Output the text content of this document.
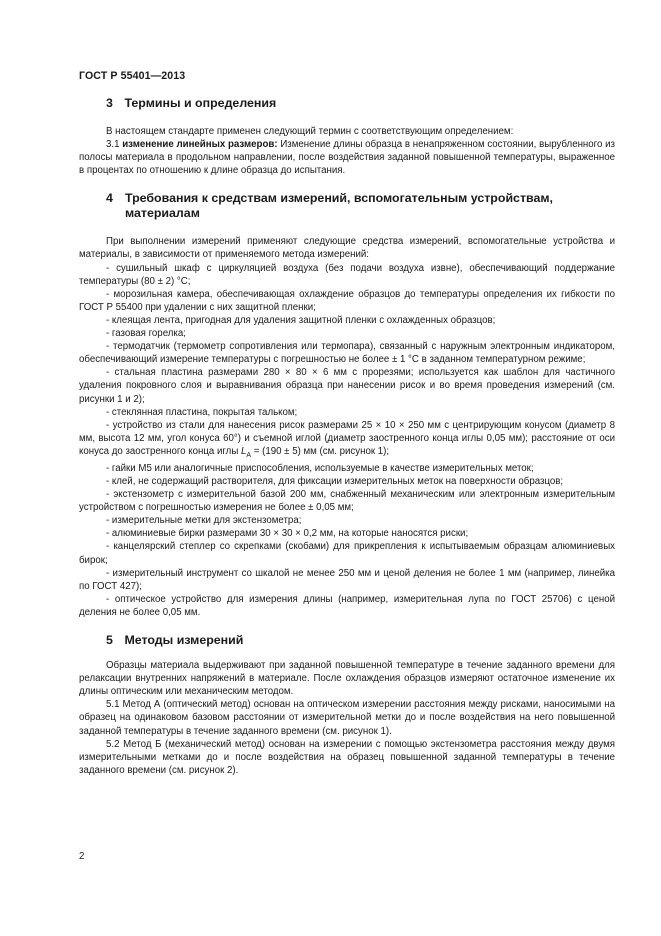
ГОСТ Р 55401—2013
3 Термины и определения

В настоящем стандарте применен следующий термин с соответствующим определением:

3.1 изменение линейных размеров: Изменение длины образца в ненапряженном состоянии, вырубленного из полосы материала в продольном направлении, после воздействия заданной повышенной температуры, выраженное в процентах по отношению к длине образца до испытания.

4 Требования к средствам измерений, вспомогательным устройствам, материалам

При выполнении измерений применяют следующие средства измерений, вспомогательные устройства и материалы, в зависимости от применяемого метода измерений:

- сушильный шкаф с циркуляцией воздуха (без подачи воздуха извне), обеспечивающий поддержание температуры (80 ± 2) °С;

- морозильная камера, обеспечивающая охлаждение образцов до температуры определения их гибкости по ГОСТ Р 55400 при удалении с них защитной пленки;

- клеящая лента, пригодная для удаления защитной пленки с охлажденных образцов;

- газовая горелка;

- термодатчик (термометр сопротивления или термопара), связанный с наружным электронным индикатором, обеспечивающий измерение температуры с погрешностью не более ± 1 °С в заданном температурном режиме;

- стальная пластина размерами 280 × 80 × 6 мм с прорезями; используется как шаблон для частичного удаления покровного слоя и выравнивания образца при нанесении рисок и во время проведения измерений (см. рисунки 1 и 2);

- стеклянная пластина, покрытая тальком;

- устройство из стали для нанесения рисок размерами 25 × 10 × 250 мм с центрирующим конусом (диаметр 8 мм, высота 12 мм, угол конуса 60°) и съемной иглой (диаметр заостренного конца иглы 0,05 мм); расстояние от оси конуса до заостренного конца иглы $L_A = (190 \pm 5)$ мм (см. рисунок 1);

- гайки М5 или аналогичные приспособления, используемые в качестве измерительных меток;

- клей, не содержащий растворителя, для фиксации измерительных меток на поверхности образцов;

- экстензометр с измерительной базой 200 мм, снабженный механическим или электронным измерительным устройством с погрешностью измерения не более ± 0,05 мм;

- измерительные метки для экстензометра;

- алюминиевые бирки размерами 30 × 30 × 0,2 мм, на которые наносятся риски;

- канцелярский степлер со скрепками (скобами) для прикрепления к испытываемым образцам алюминиевых бирок;

- измерительный инструмент со шкалой не менее 250 мм и ценой деления не более 1 мм (например, линейка по ГОСТ 427);

- оптическое устройство для измерения длины (например, измерительная лупа по ГОСТ 25706) с ценой деления не более 0,05 мм.

5 Методы измерений

Образцы материала выдерживают при заданной повышенной температуре в течение заданного времени для релаксации внутренних напряжений в материале. После охлаждения образцов измеряют остаточное изменение их длины оптическим или механическим методом.

5.1 Метод А (оптический метод) основан на оптическом измерении расстояния между рисками, наносимыми на образец на одинаковом базовом расстоянии от измерительной метки до и после воздействия на него повышенной заданной температуры в течение заданного времени (см. рисунок 1).

5.2 Метод Б (механический метод) основан на измерении с помощью экстензометра расстояния между двумя измерительными метками до и после воздействия на образец повышенной заданной температуры в течение заданного времени (см. рисунок 2).

2
